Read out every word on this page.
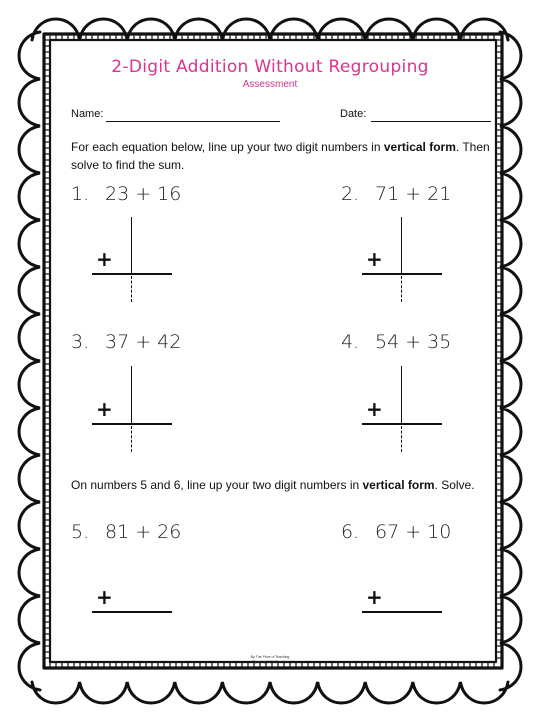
2-Digit Addition Without Regrouping
Assessment
Name:	Date:
For each equation below, line up your two digit numbers in vertical form. Then solve to find the sum.
1. 23 + 16
+
2. 71 + 21
+
3. 37 + 42
+
4. 54 + 35
+
On numbers 5 and 6, line up your two digit numbers in vertical form. Solve.
5. 81 + 26
+
6. 67 + 10
+
By The Price of Teaching
Clipart by KPM Doodles
